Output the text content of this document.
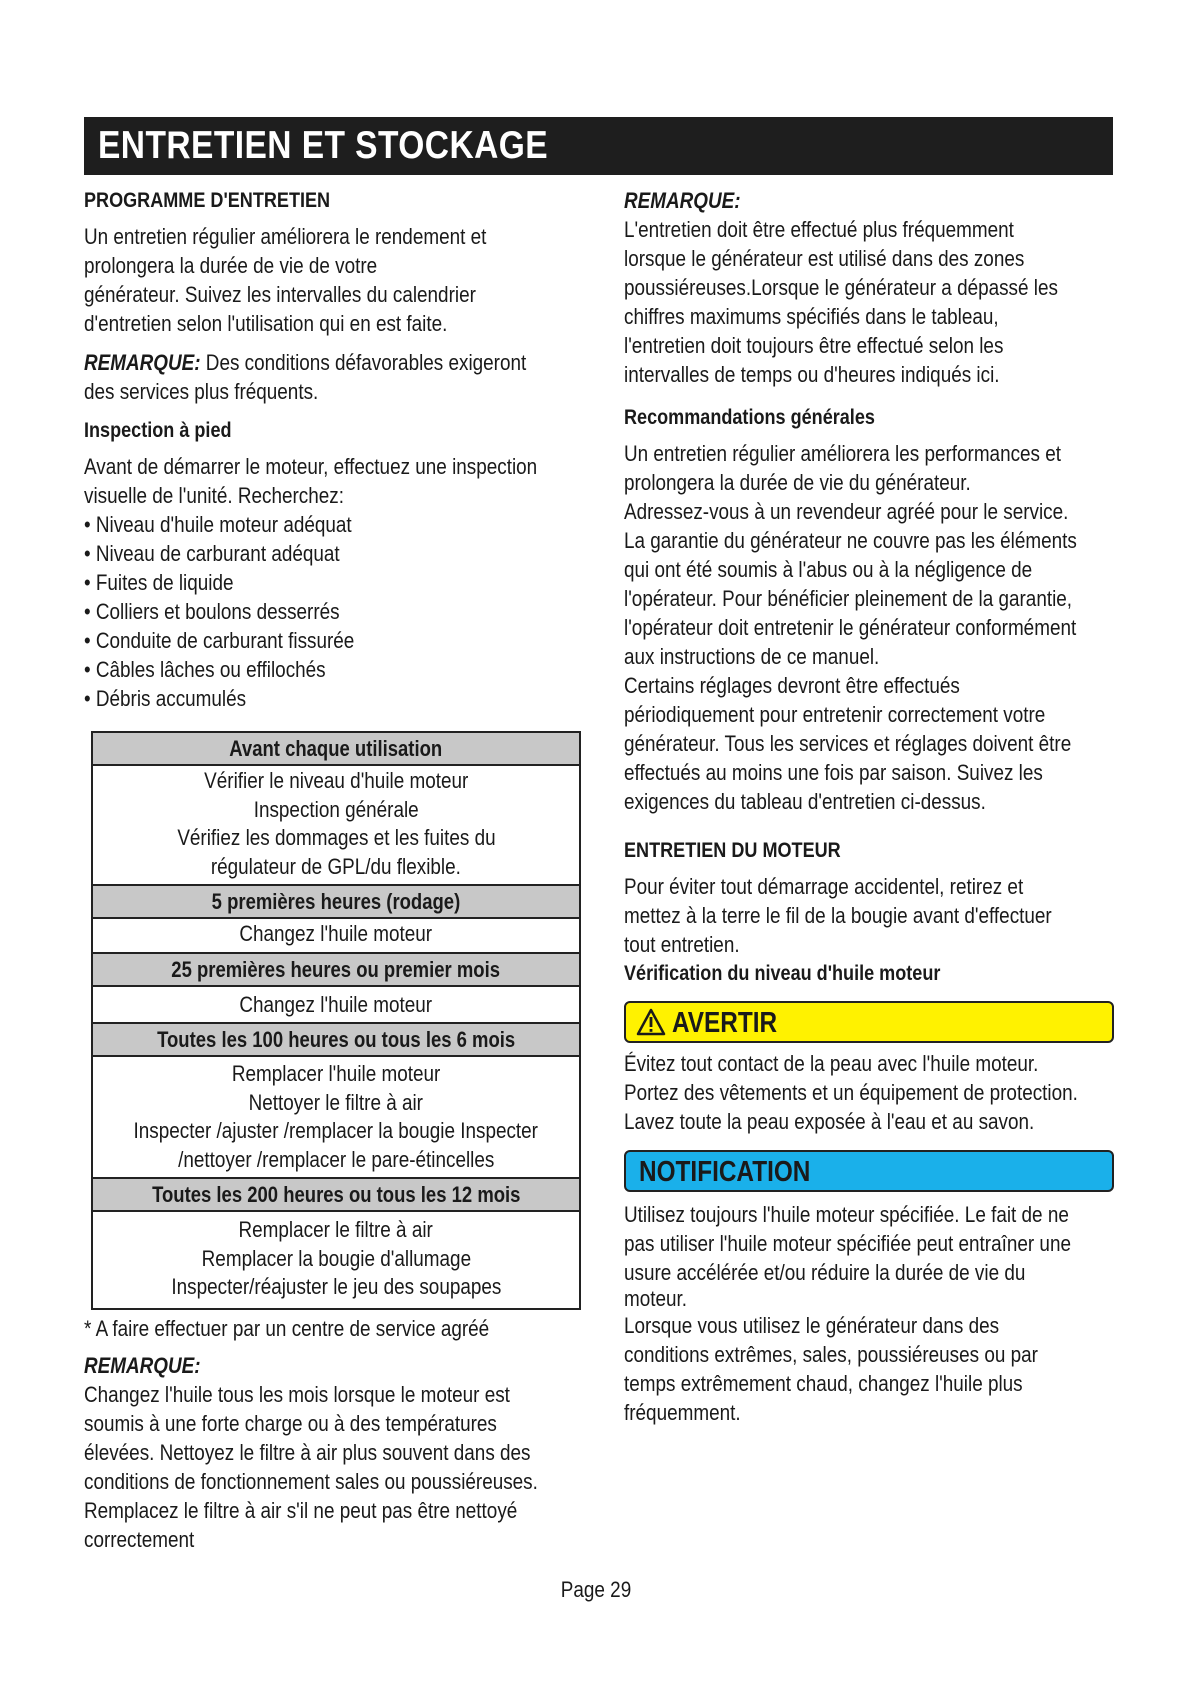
ENTRETIEN ET STOCKAGE
PROGRAMME D'ENTRETIEN
Un entretien régulier améliorera le rendement et
prolongera la durée de vie de votre
générateur. Suivez les intervalles du calendrier
d'entretien selon l'utilisation qui en est faite.
REMARQUE: Des conditions défavorables exigeront
des services plus fréquents.
Inspection à pied
Avant de démarrer le moteur, effectuez une inspection
visuelle de l'unité. Recherchez:
• Niveau d'huile moteur adéquat
• Niveau de carburant adéquat
• Fuites de liquide
• Colliers et boulons desserrés
• Conduite de carburant fissurée
• Câbles lâches ou effilochés
• Débris accumulés
Avant chaque utilisation
Vérifier le niveau d'huile moteur
Inspection générale
Vérifiez les dommages et les fuites du
régulateur de GPL/du flexible.
5 premières heures (rodage)
Changez l'huile moteur
25 premières heures ou premier mois
Changez l'huile moteur
Toutes les 100 heures ou tous les 6 mois
Remplacer l'huile moteur
Nettoyer le filtre à air
Inspecter /ajuster /remplacer la bougie Inspecter
/nettoyer /remplacer le pare-étincelles
Toutes les 200 heures ou tous les 12 mois
Remplacer le filtre à air
Remplacer la bougie d'allumage
Inspecter/réajuster le jeu des soupapes
* A faire effectuer par un centre de service agréé
REMARQUE:
Changez l'huile tous les mois lorsque le moteur est
soumis à une forte charge ou à des températures
élevées. Nettoyez le filtre à air plus souvent dans des
conditions de fonctionnement sales ou poussiéreuses.
Remplacez le filtre à air s'il ne peut pas être nettoyé
correctement
REMARQUE:
L'entretien doit être effectué plus fréquemment
lorsque le générateur est utilisé dans des zones
poussiéreuses.Lorsque le générateur a dépassé les
chiffres maximums spécifiés dans le tableau,
l'entretien doit toujours être effectué selon les
intervalles de temps ou d'heures indiqués ici.
Recommandations générales
Un entretien régulier améliorera les performances et
prolongera la durée de vie du générateur.
Adressez-vous à un revendeur agréé pour le service.
La garantie du générateur ne couvre pas les éléments
qui ont été soumis à l'abus ou à la négligence de
l'opérateur. Pour bénéficier pleinement de la garantie,
l'opérateur doit entretenir le générateur conformément
aux instructions de ce manuel.
Certains réglages devront être effectués
périodiquement pour entretenir correctement votre
générateur. Tous les services et réglages doivent être
effectués au moins une fois par saison. Suivez les
exigences du tableau d'entretien ci-dessus.
ENTRETIEN DU MOTEUR
Pour éviter tout démarrage accidentel, retirez et
mettez à la terre le fil de la bougie avant d'effectuer
tout entretien.
Vérification du niveau d'huile moteur
AVERTIR
Évitez tout contact de la peau avec l'huile moteur.
Portez des vêtements et un équipement de protection.
Lavez toute la peau exposée à l'eau et au savon.
NOTIFICATION
Utilisez toujours l'huile moteur spécifiée. Le fait de ne
pas utiliser l'huile moteur spécifiée peut entraîner une
usure accélérée et/ou réduire la durée de vie du
moteur.
Lorsque vous utilisez le générateur dans des
conditions extrêmes, sales, poussiéreuses ou par
temps extrêmement chaud, changez l'huile plus
fréquemment.
Page 29
